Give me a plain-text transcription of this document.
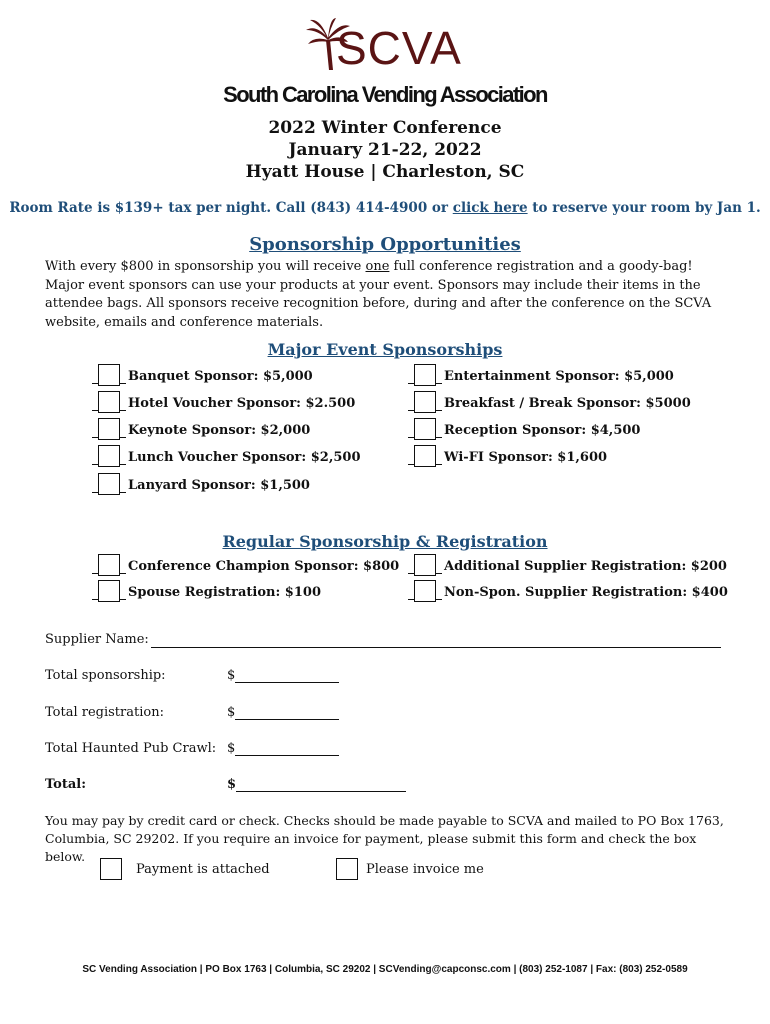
SCVA
South Carolina Vending Association
2022 Winter Conference
January 21-22, 2022
Hyatt House | Charleston, SC
Room Rate is $139+ tax per night. Call (843) 414-4900 or click here to reserve your room by Jan 1.
Sponsorship Opportunities
With every $800 in sponsorship you will receive one full conference registration and a goody-bag! Major event sponsors can use your products at your event. Sponsors may include their items in the attendee bags. All sponsors receive recognition before, during and after the conference on the SCVA website, emails and conference materials.
Major Event Sponsorships
Banquet Sponsor: $5,000
Hotel Voucher Sponsor: $2.500
Keynote Sponsor: $2,000
Lunch Voucher Sponsor: $2,500
Lanyard Sponsor: $1,500
Entertainment Sponsor: $5,000
Breakfast / Break Sponsor: $5000
Reception Sponsor: $4,500
Wi-FI Sponsor: $1,600
Regular Sponsorship & Registration
Conference Champion Sponsor: $800
Spouse Registration: $100
Additional Supplier Registration: $200
Non-Spon. Supplier Registration: $400
Supplier Name:
Total sponsorship:	$
Total registration:	$
Total Haunted Pub Crawl: $
Total:	$
You may pay by credit card or check. Checks should be made payable to SCVA and mailed to PO Box 1763, Columbia, SC 29202. If you require an invoice for payment, please submit this form and check the box below.
Payment is attached	Please invoice me
SC Vending Association | PO Box 1763 | Columbia, SC 29202 | SCVending@capconsc.com | (803) 252-1087 | Fax: (803) 252-0589
